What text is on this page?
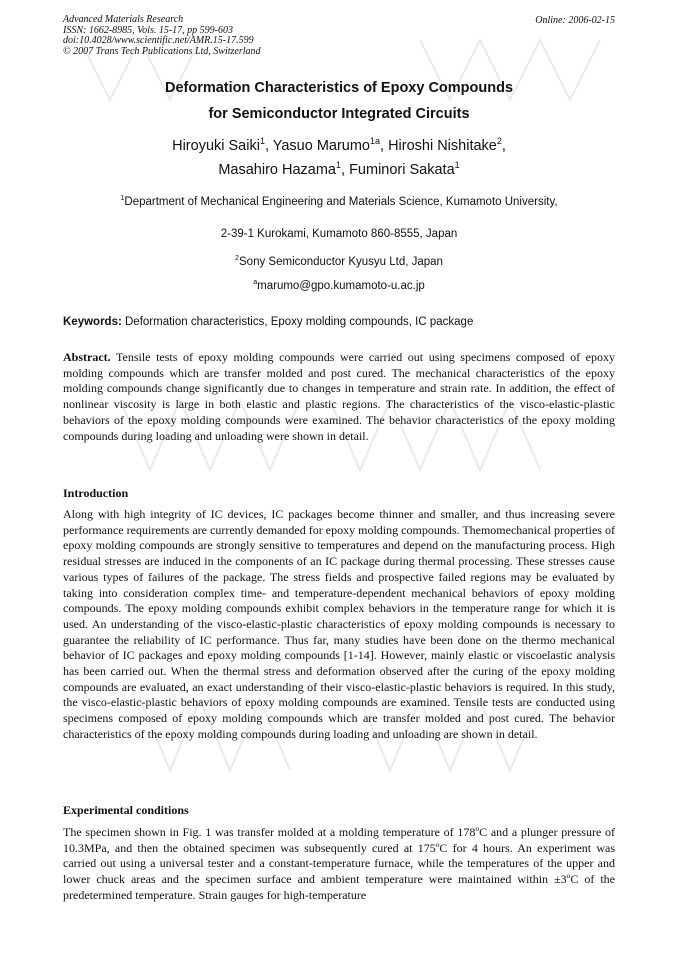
Advanced Materials Research
ISSN: 1662-8985, Vols. 15-17, pp 599-603
doi:10.4028/www.scientific.net/AMR.15-17.599
© 2007 Trans Tech Publications Ltd, Switzerland
Online: 2006-02-15
Deformation Characteristics of Epoxy Compounds
for Semiconductor Integrated Circuits
Hiroyuki Saiki$^1$, Yasuo Marumo$^{1a}$, Hiroshi Nishitake$^2$,
Masahiro Hazama$^1$, Fuminori Sakata$^1$
$^1$Department of Mechanical Engineering and Materials Science, Kumamoto University,
2-39-1 Kurokami, Kumamoto 860-8555, Japan
$^2$Sony Semiconductor Kyusyu Ltd, Japan
$^a$marumo@gpo.kumamoto-u.ac.jp
Keywords: Deformation characteristics, Epoxy molding compounds, IC package
Abstract. Tensile tests of epoxy molding compounds were carried out using specimens composed of epoxy molding compounds which are transfer molded and post cured. The mechanical characteristics of the epoxy molding compounds change significantly due to changes in temperature and strain rate. In addition, the effect of nonlinear viscosity is large in both elastic and plastic regions. The characteristics of the visco-elastic-plastic behaviors of the epoxy molding compounds were examined. The behavior characteristics of the epoxy molding compounds during loading and unloading were shown in detail.
Introduction
Along with high integrity of IC devices, IC packages become thinner and smaller, and thus increasing severe performance requirements are currently demanded for epoxy molding compounds. Themomechanical properties of epoxy molding compounds are strongly sensitive to temperatures and depend on the manufacturing process. High residual stresses are induced in the components of an IC package during thermal processing. These stresses cause various types of failures of the package. The stress fields and prospective failed regions may be evaluated by taking into consideration complex time- and temperature-dependent mechanical behaviors of epoxy molding compounds. The epoxy molding compounds exhibit complex behaviors in the temperature range for which it is used. An understanding of the visco-elastic-plastic characteristics of epoxy molding compounds is necessary to guarantee the reliability of IC performance. Thus far, many studies have been done on the thermo mechanical behavior of IC packages and epoxy molding compounds [1-14]. However, mainly elastic or viscoelastic analysis has been carried out. When the thermal stress and deformation observed after the curing of the epoxy molding compounds are evaluated, an exact understanding of their visco-elastic-plastic behaviors is required. In this study, the visco-elastic-plastic behaviors of epoxy molding compounds are examined. Tensile tests are conducted using specimens composed of epoxy molding compounds which are transfer molded and post cured. The behavior characteristics of the epoxy molding compounds during loading and unloading are shown in detail.
Experimental conditions
The specimen shown in Fig. 1 was transfer molded at a molding temperature of 178$^o$C and a plunger pressure of 10.3MPa, and then the obtained specimen was subsequently cured at 175$^o$C for 4 hours. An experiment was carried out using a universal tester and a constant-temperature furnace, while the temperatures of the upper and lower chuck areas and the specimen surface and ambient temperature were maintained within $\pm 3^oC$ of the predetermined temperature. Strain gauges for high-temperature
